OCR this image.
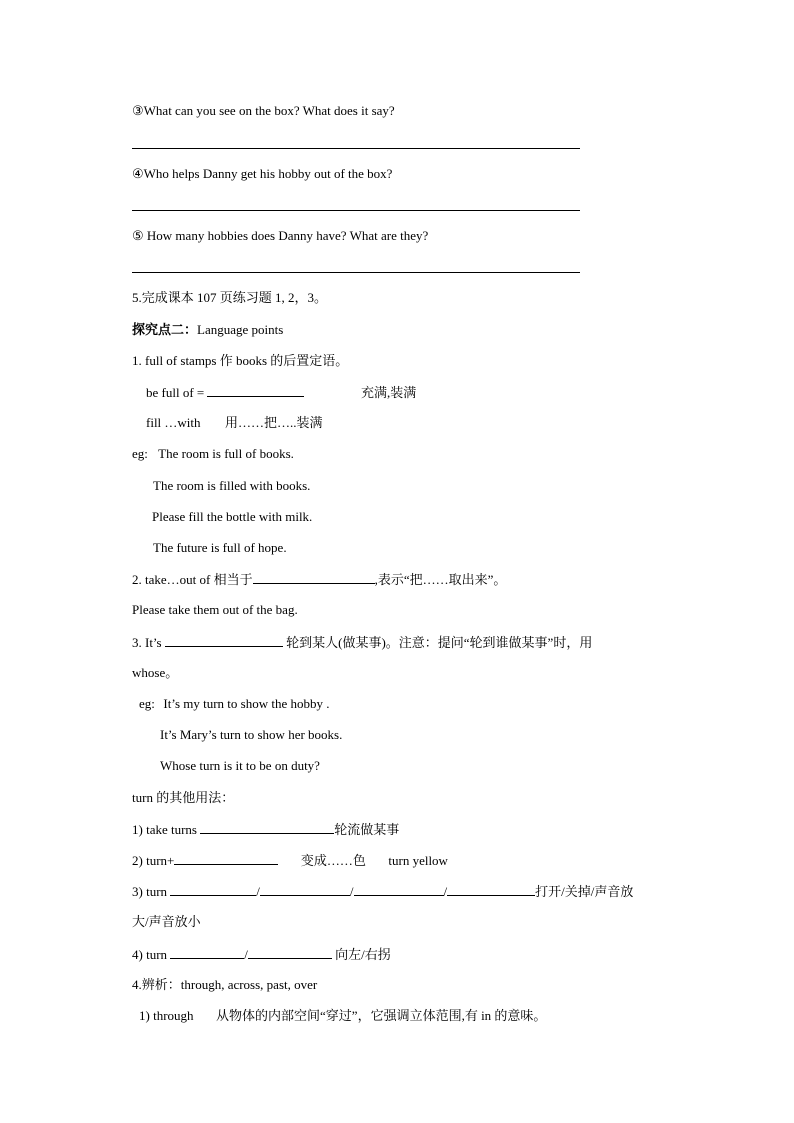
③What can you see on the box? What does it say?
④Who helps Danny get his hobby out of the box?
⑤ How many hobbies does Danny have? What are they?
5.完成课本 107 页练习题 1, 2，3。
探究点二：Language points
1. full of stamps 作 books 的后置定语。
be full of =	充满,装满
fill …with 用……把…..装满
eg: The room is full of books.
The room is filled with books.
Please fill the bottle with milk.
The future is full of hope.
2. take…out of 相当于	,表示“把……取出来”。
Please take them out of the bag.
3. It’s	轮到某人(做某事)。注意：提问“轮到谁做某事”时，用
whose。
eg: It’s my turn to show the hobby .
It’s Mary’s turn to show her books.
Whose turn is it to be on duty?
turn 的其他用法：
1) take turns	轮流做某事
2) turn+	变成……色 turn yellow
3) turn	/	/	/	打开/关掉/声音放
大/声音放小
4) turn	/	向左/右拐
4.辨析：through, across, past, over
1) through 从物体的内部空间“穿过”，它强调立体范围,有 in 的意味。
